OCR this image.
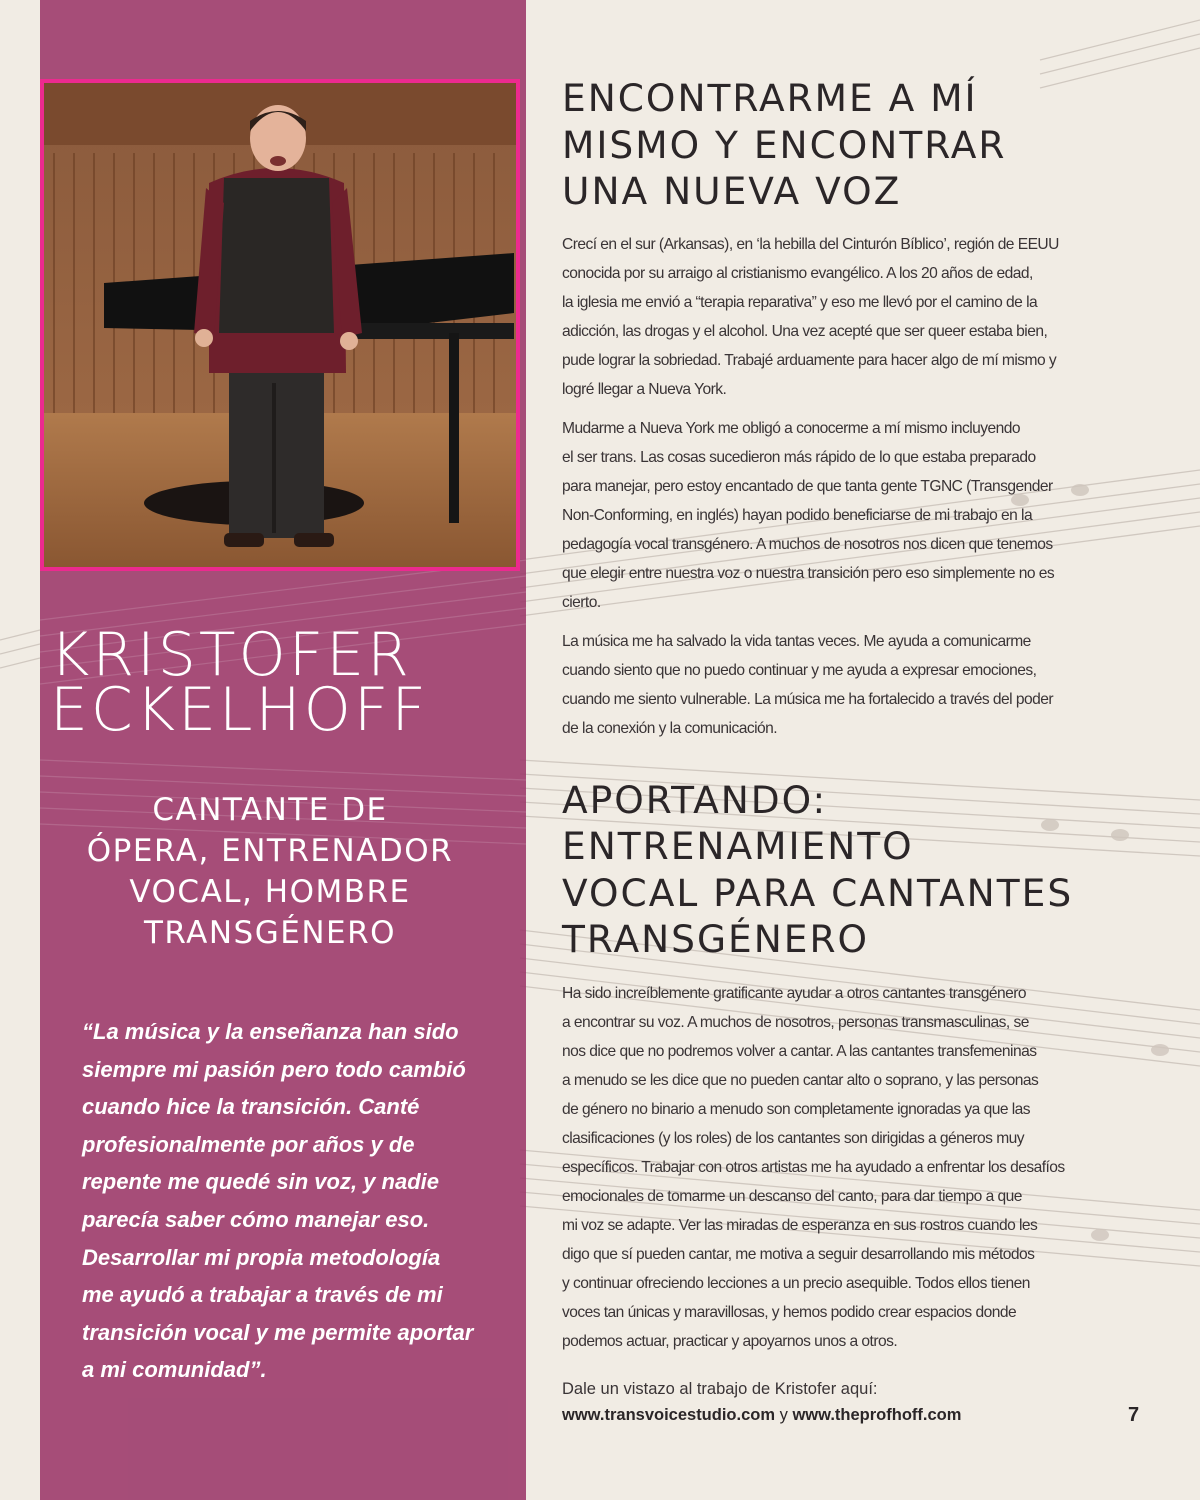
KRISTOFER
ECKELHOFF
CANTANTE DE
ÓPERA, ENTRENADOR
VOCAL, HOMBRE
TRANSGÉNERO
“La música y la enseñanza han sido
siempre mi pasión pero todo cambió
cuando hice la transición. Canté
profesionalmente por años y de
repente me quedé sin voz, y nadie
parecía saber cómo manejar eso.
Desarrollar mi propia metodología
me ayudó a trabajar a través de mi
transición vocal y me permite aportar
a mi comunidad”.
ENCONTRARME A MÍ
MISMO Y ENCONTRAR
UNA NUEVA VOZ
Crecí en el sur (Arkansas), en ‘la hebilla del Cinturón Bíblico’, región de EEUU
conocida por su arraigo al cristianismo evangélico. A los 20 años de edad,
la iglesia me envió a “terapia reparativa” y eso me llevó por el camino de la
adicción, las drogas y el alcohol. Una vez acepté que ser queer estaba bien,
pude lograr la sobriedad. Trabajé arduamente para hacer algo de mí mismo y
logré llegar a Nueva York.
Mudarme a Nueva York me obligó a conocerme a mí mismo incluyendo
el ser trans. Las cosas sucedieron más rápido de lo que estaba preparado
para manejar, pero estoy encantado de que tanta gente TGNC (Transgender
Non-Conforming, en inglés) hayan podido beneficiarse de mi trabajo en la
pedagogía vocal transgénero. A muchos de nosotros nos dicen que tenemos
que elegir entre nuestra voz o nuestra transición pero eso simplemente no es
cierto.
La música me ha salvado la vida tantas veces. Me ayuda a comunicarme
cuando siento que no puedo continuar y me ayuda a expresar emociones,
cuando me siento vulnerable. La música me ha fortalecido a través del poder
de la conexión y la comunicación.
APORTANDO:
ENTRENAMIENTO
VOCAL PARA CANTANTES
TRANSGÉNERO
Ha sido increíblemente gratificante ayudar a otros cantantes transgénero
a encontrar su voz. A muchos de nosotros, personas transmasculinas, se
nos dice que no podremos volver a cantar. A las cantantes transfemeninas
a menudo se les dice que no pueden cantar alto o soprano, y las personas
de género no binario a menudo son completamente ignoradas ya que las
clasificaciones (y los roles) de los cantantes son dirigidas a géneros muy
específicos. Trabajar con otros artistas me ha ayudado a enfrentar los desafíos
emocionales de tomarme un descanso del canto, para dar tiempo a que
mi voz se adapte. Ver las miradas de esperanza en sus rostros cuando les
digo que sí pueden cantar, me motiva a seguir desarrollando mis métodos
y continuar ofreciendo lecciones a un precio asequible. Todos ellos tienen
voces tan únicas y maravillosas, y hemos podido crear espacios donde
podemos actuar, practicar y apoyarnos unos a otros.
Dale un vistazo al trabajo de Kristofer aquí:
www.transvoicestudio.com y www.theprofhoff.com	7
